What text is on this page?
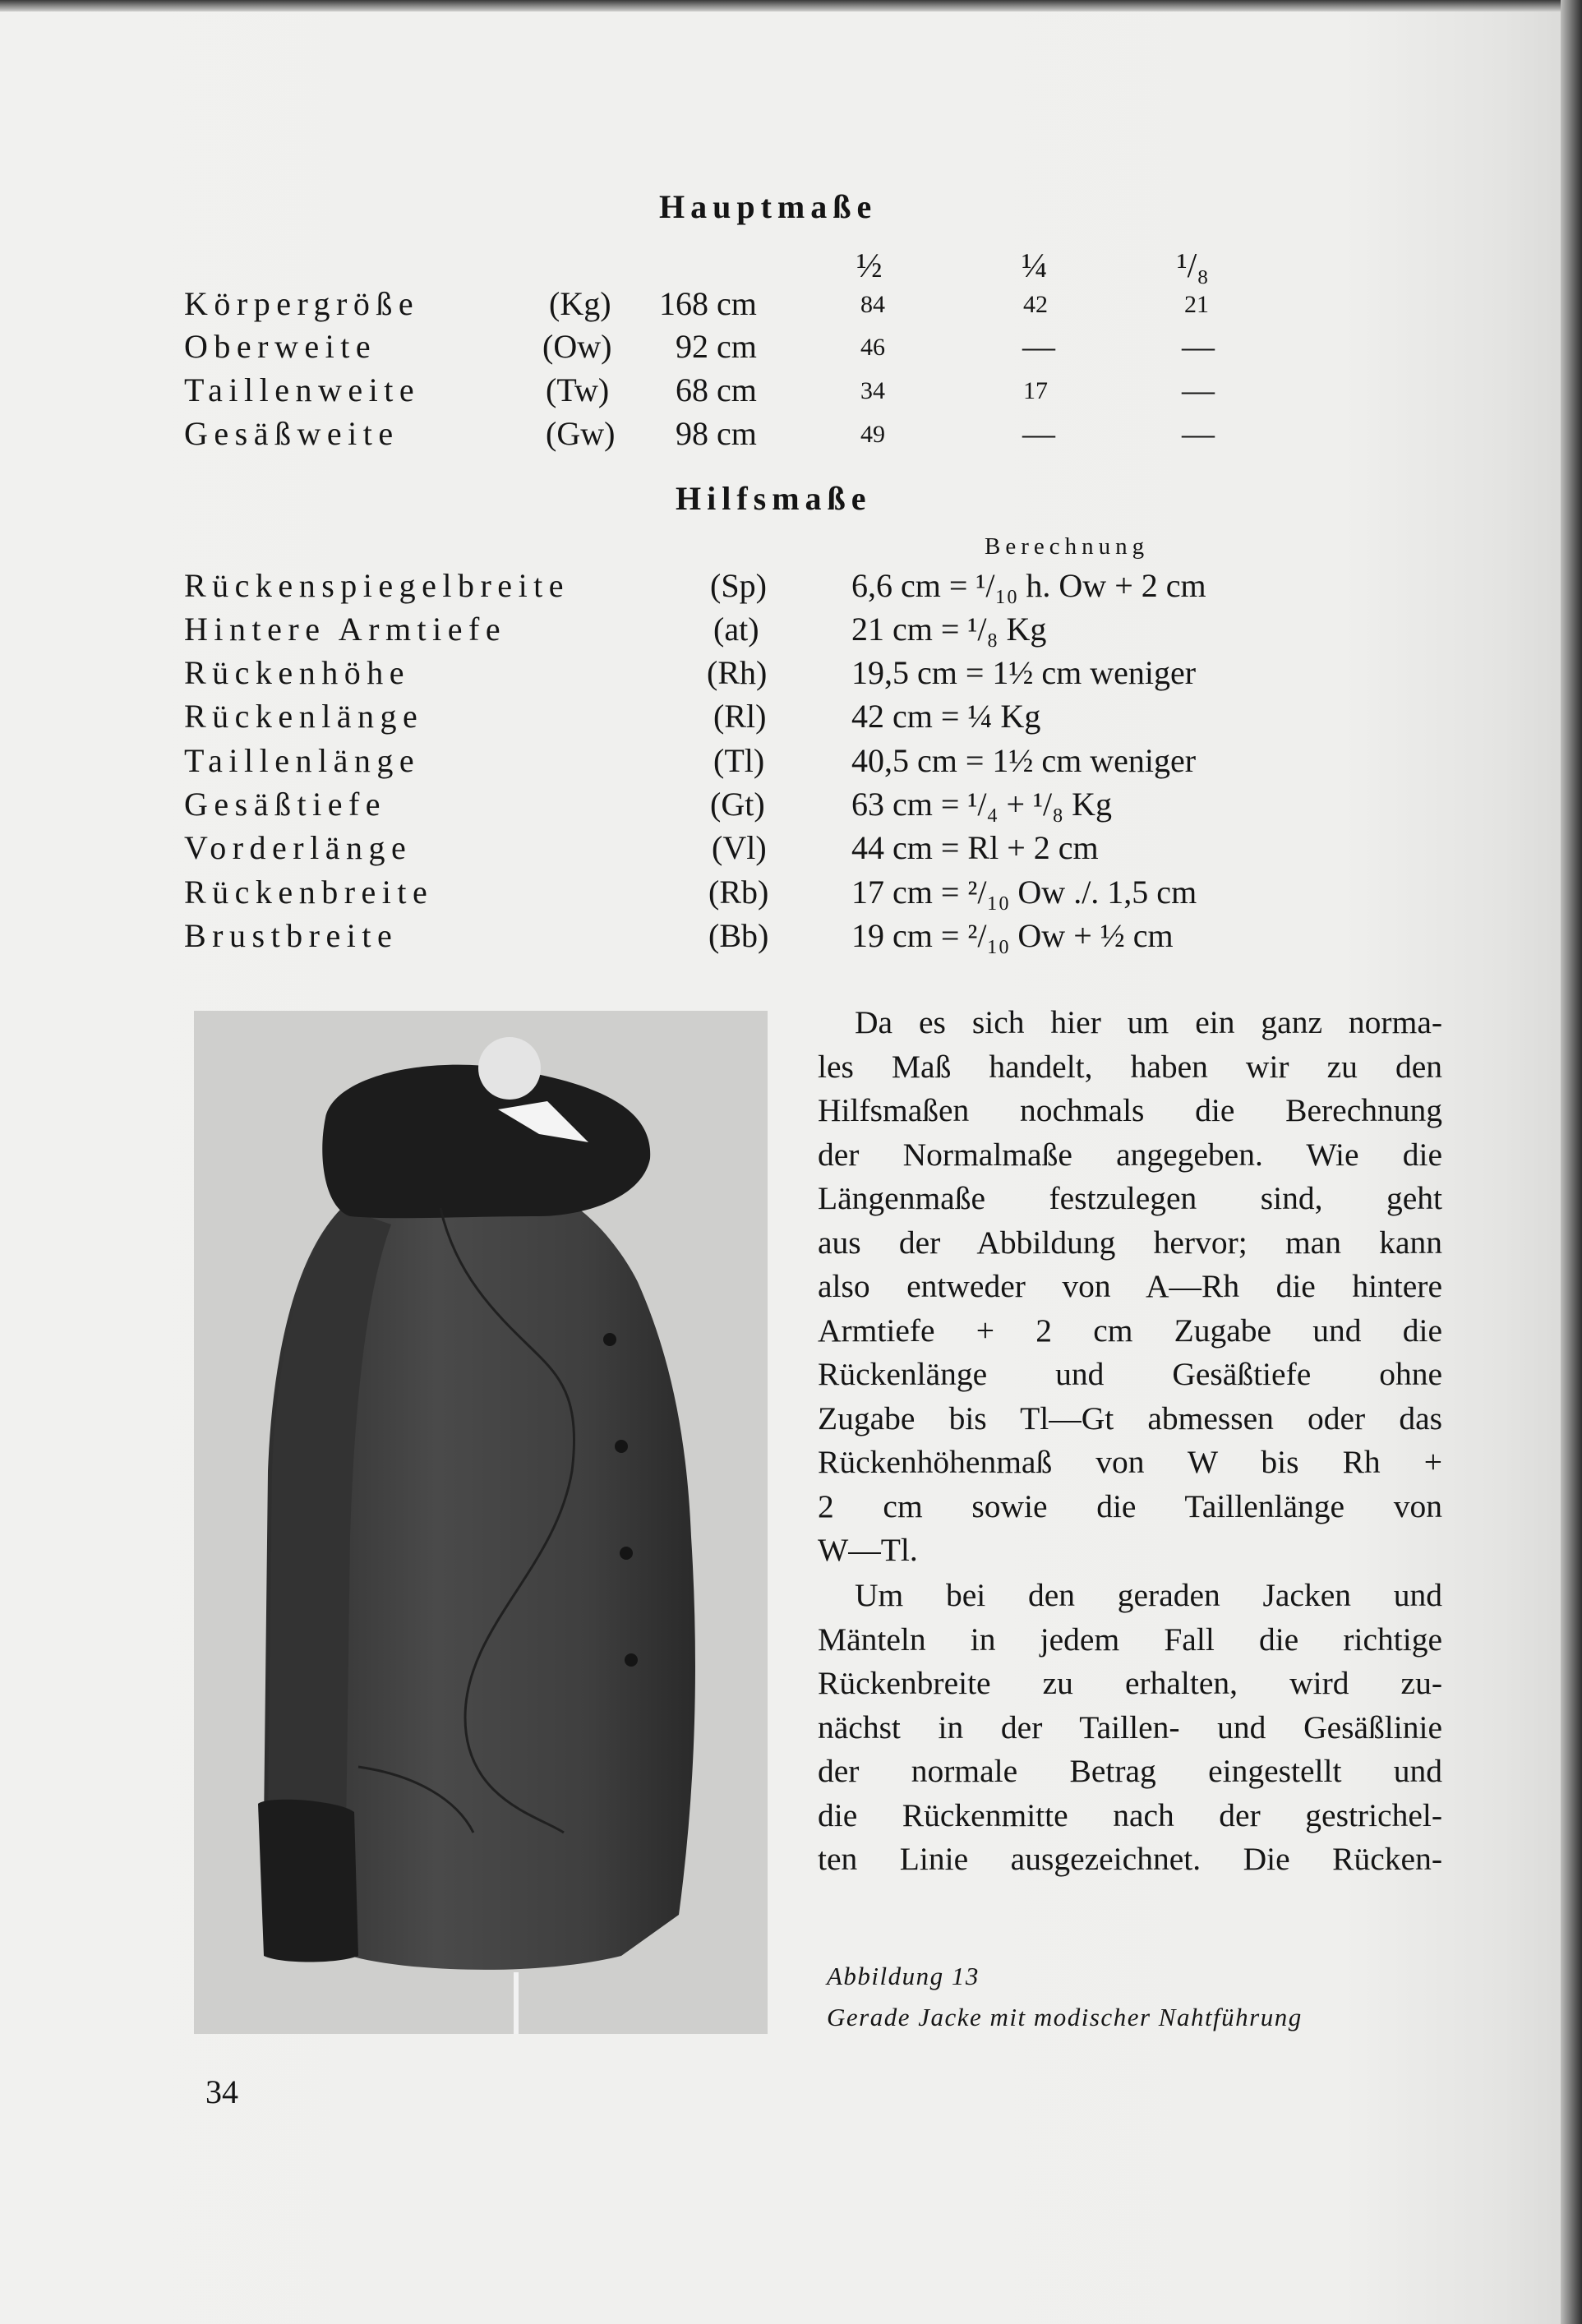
Hauptmaße
½	¼	¹/₈
Körpergröße	(Kg) 168 cm	84	42	21
Oberweite	(Ow) 92 cm	46	—	—
Taillenweite	(Tw) 68 cm	34	17	—
Gesäßweite	(Gw) 98 cm	49	—	—
Hilfsmaße
Berechnung
Rückenspiegelbreite	(Sp)	6,6 cm = ¹/₁₀ h. Ow + 2 cm
Hintere Armtiefe	(at)	21 cm = ¹/₈ Kg
Rückenhöhe	(Rh)	19,5 cm = 1½ cm weniger
Rückenlänge	(Rl)	42 cm = ¼ Kg
Taillenlänge	(Tl)	40,5 cm = 1½ cm weniger
Gesäßtiefe	(Gt)	63 cm = ¹/₄ + ¹/₈ Kg
Vorderlänge	(Vl)	44 cm = Rl + 2 cm
Rückenbreite	(Rb)	17 cm = ²/₁₀ Ow ./. 1,5 cm
Brustbreite	(Bb)	19 cm = ²/₁₀ Ow + ½ cm
Da es sich hier um ein ganz norma-
les Maß handelt, haben wir zu den
Hilfsmaßen nochmals die Berechnung
der Normalmaße angegeben. Wie die
Längenmaße festzulegen sind, geht
aus der Abbildung hervor; man kann
also entweder von A—Rh die hintere
Armtiefe + 2 cm Zugabe und die
Rückenlänge und Gesäßtiefe ohne
Zugabe bis Tl—Gt abmessen oder das
Rückenhöhenmaß von W bis Rh +
2 cm sowie die Taillenlänge von
W—Tl.
Um bei den geraden Jacken und
Mänteln in jedem Fall die richtige
Rückenbreite zu erhalten, wird zu-
nächst in der Taillen- und Gesäßlinie
der normale Betrag eingestellt und
die Rückenmitte nach der gestrichel-
ten Linie ausgezeichnet. Die Rücken-
Abbildung 13
Gerade Jacke mit modischer Nahtführung
34
